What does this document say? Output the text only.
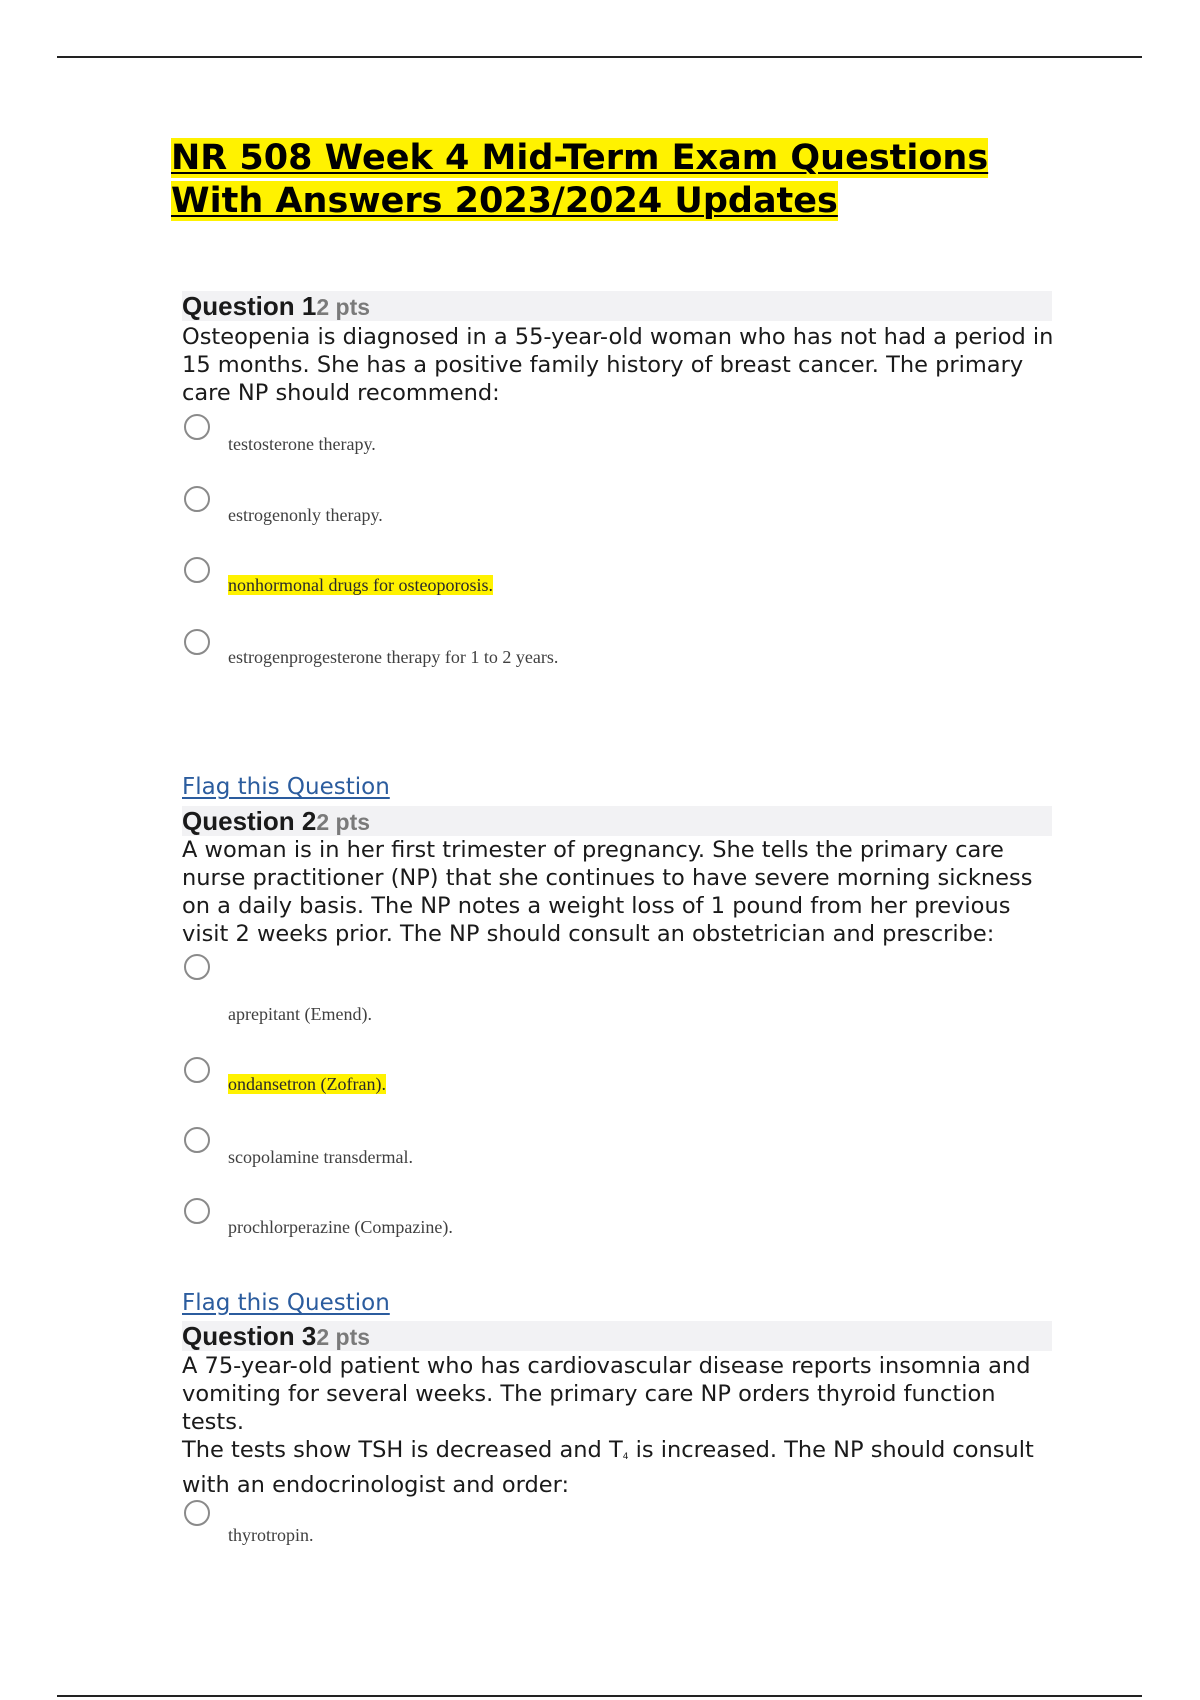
NR 508 Week 4 Mid-Term Exam Questions With Answers 2023/2024 Updates
Question 12 pts
Osteopenia is diagnosed in a 55-year-old woman who has not had a period in 15 months. She has a positive family history of breast cancer. The primary care NP should recommend:
testosterone therapy.
estrogenonly therapy.
nonhormonal drugs for osteoporosis.
estrogenprogesterone therapy for 1 to 2 years.
Flag this Question
Question 22 pts
A woman is in her first trimester of pregnancy. She tells the primary care nurse practitioner (NP) that she continues to have severe morning sickness on a daily basis. The NP notes a weight loss of 1 pound from her previous visit 2 weeks prior. The NP should consult an obstetrician and prescribe:
aprepitant (Emend).
ondansetron (Zofran).
scopolamine transdermal.
prochlorperazine (Compazine).
Flag this Question
Question 32 pts

A 75-year-old patient who has cardiovascular disease reports insomnia and vomiting for several weeks. The primary care NP orders thyroid function tests.

The tests show TSH is decreased and $T_4$ is increased. The NP should consult with an endocrinologist and order:

thyrotropin.
